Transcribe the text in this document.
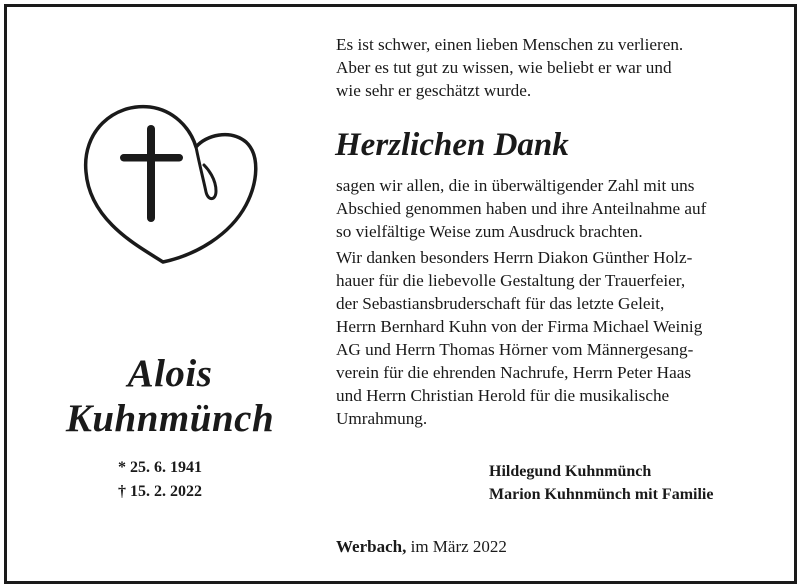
Alois
Kuhnmünch
* 25. 6. 1941
† 15. 2. 2022
Es ist schwer, einen lieben Menschen zu verlieren.
Aber es tut gut zu wissen, wie beliebt er war und
wie sehr er geschätzt wurde.
Herzlichen Dank
sagen wir allen, die in überwältigender Zahl mit uns
Abschied genommen haben und ihre Anteilnahme auf
so vielfältige Weise zum Ausdruck brachten.
Wir danken besonders Herrn Diakon Günther Holz-
hauer für die liebevolle Gestaltung der Trauerfeier,
der Sebastiansbruderschaft für das letzte Geleit,
Herrn Bernhard Kuhn von der Firma Michael Weinig
AG und Herrn Thomas Hörner vom Männergesang-
verein für die ehrenden Nachrufe, Herrn Peter Haas
und Herrn Christian Herold für die musikalische
Umrahmung.
Hildegund Kuhnmünch
Marion Kuhnmünch mit Familie
Werbach, im März 2022
